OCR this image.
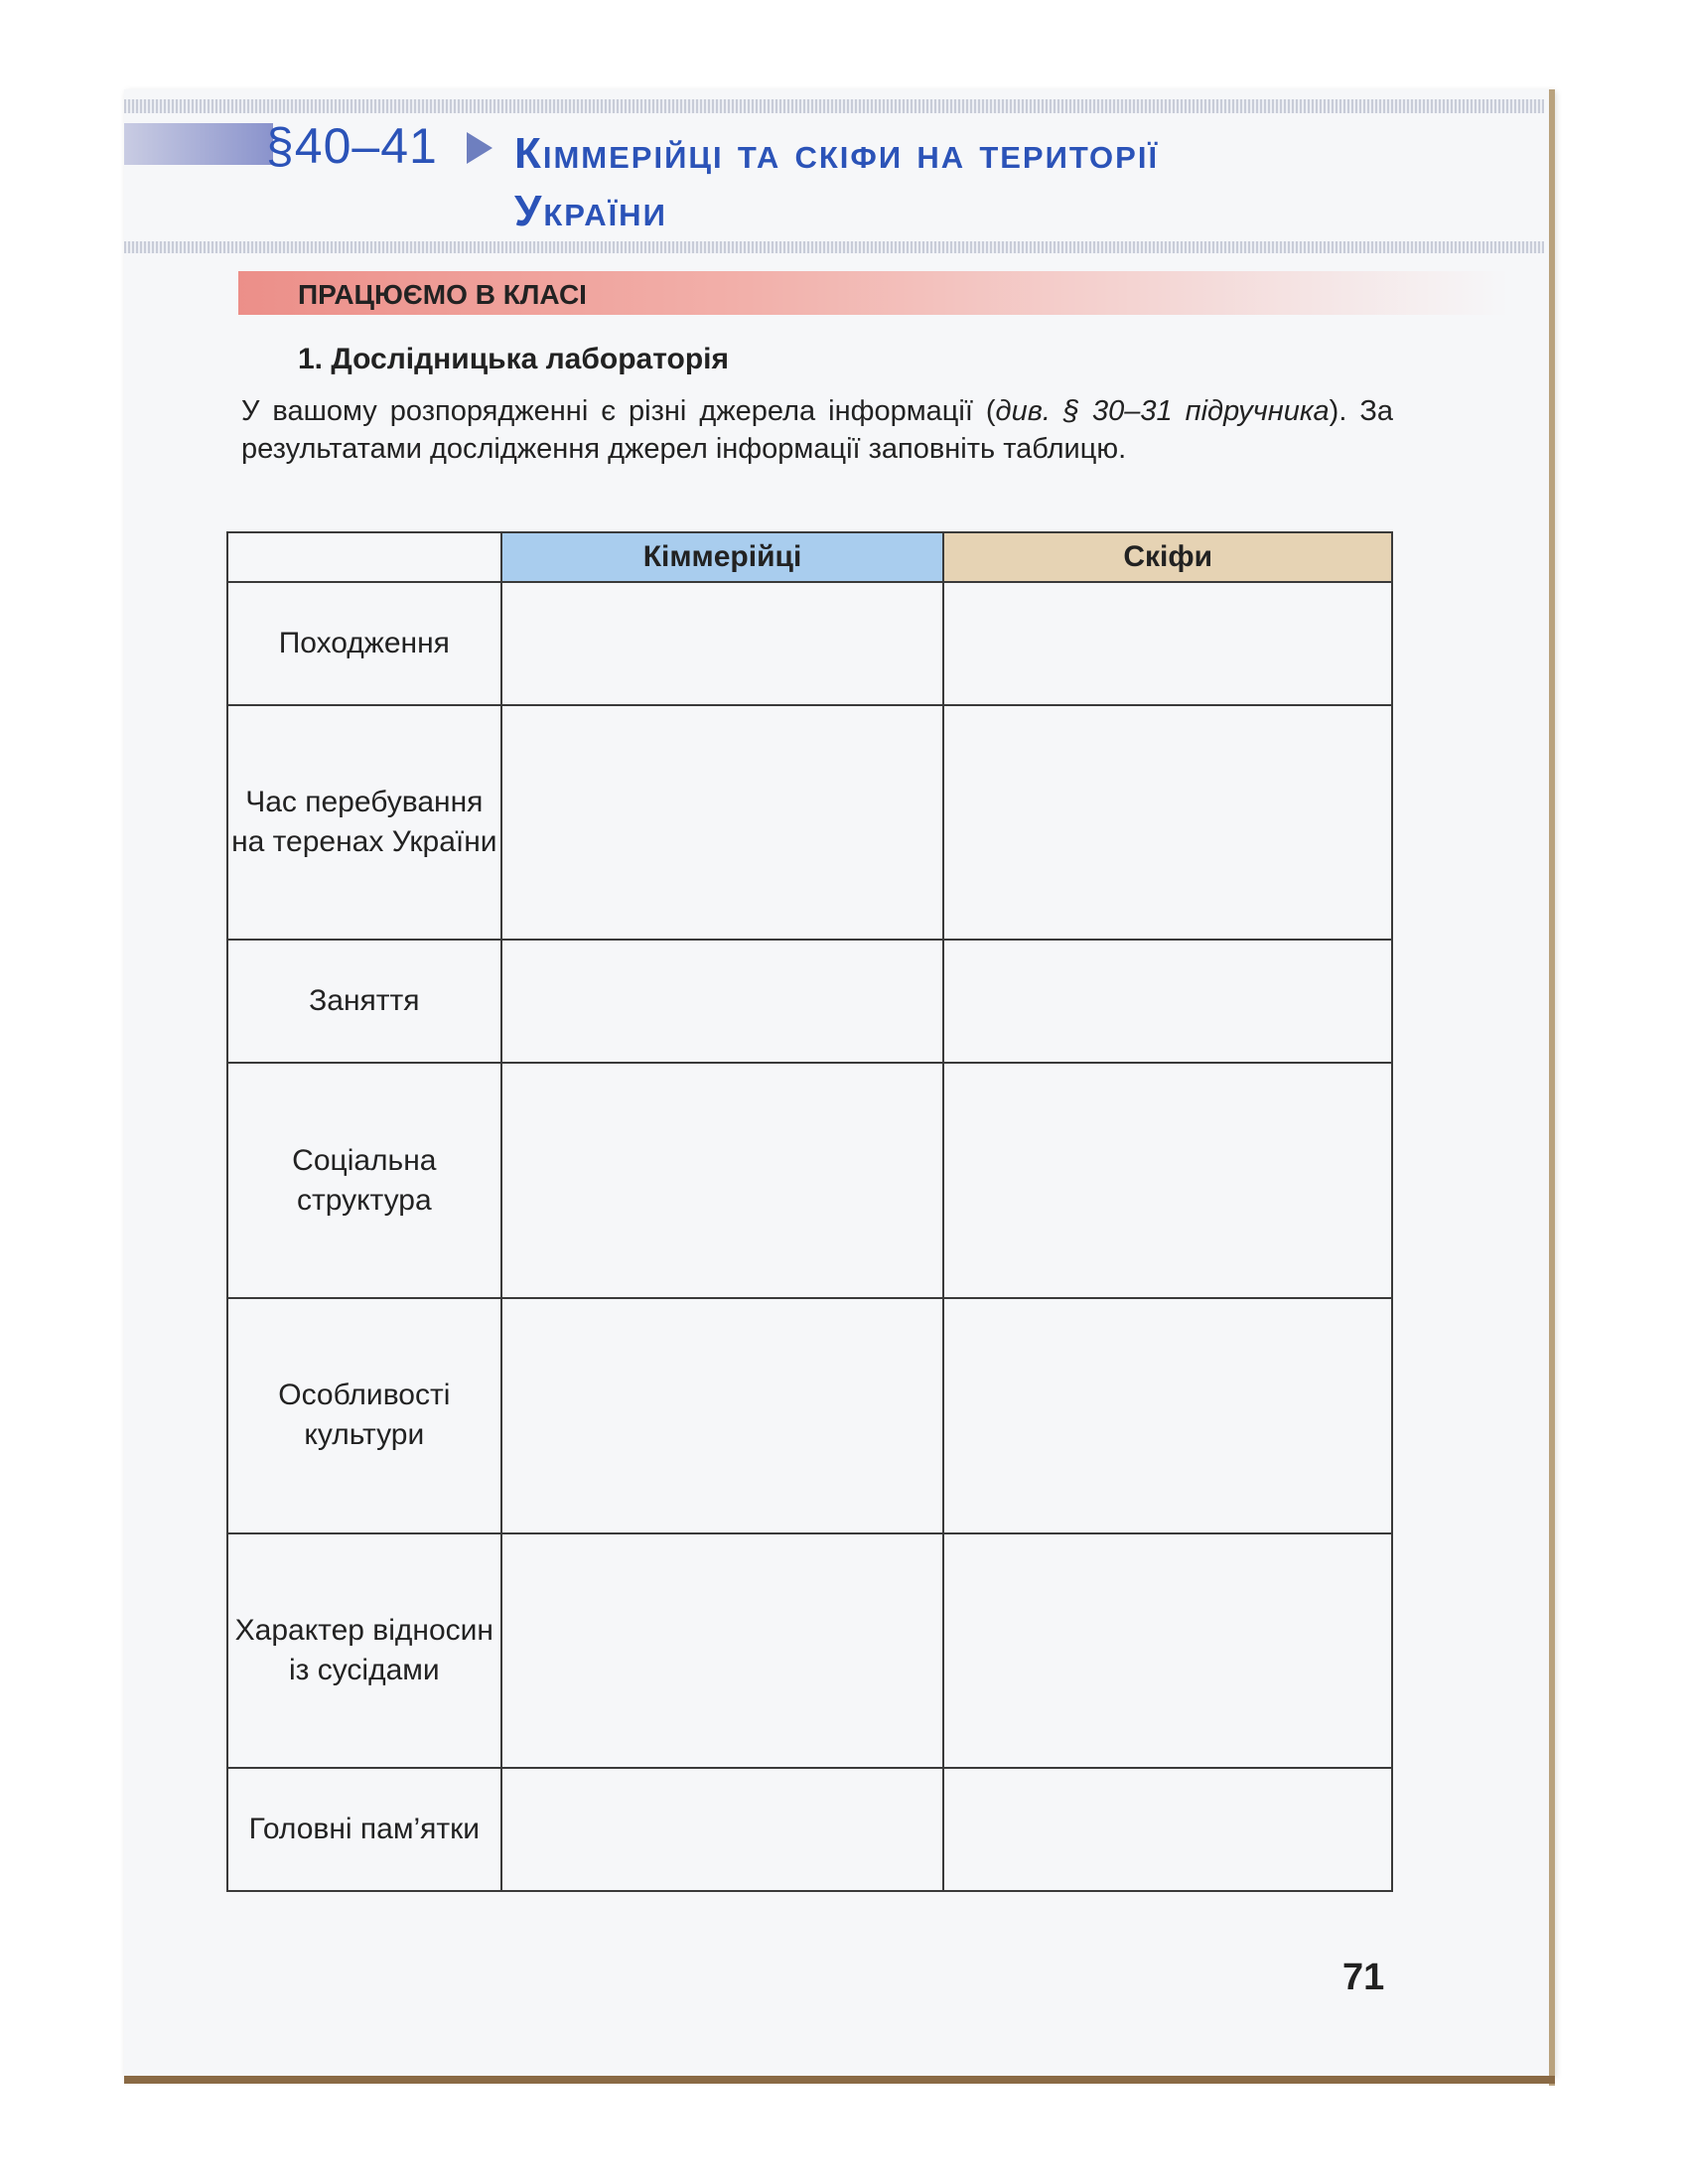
§40–41 Кіммерійці та скіфи на території
України
ПРАЦЮЄМО В КЛАСІ
1. Дослідницька лабораторія
У вашому розпорядженні є різні джерела інформації (див. § 30–31 підручника). За результатами дослідження джерел інформації заповніть таблицю.
	Кіммерійці	Скіфи
Походження		
Час перебування на теренах України		
Заняття		
Соціальна структура		
Особливості культури		
Характер відносин із сусідами		
Головні пам’ятки		
71
